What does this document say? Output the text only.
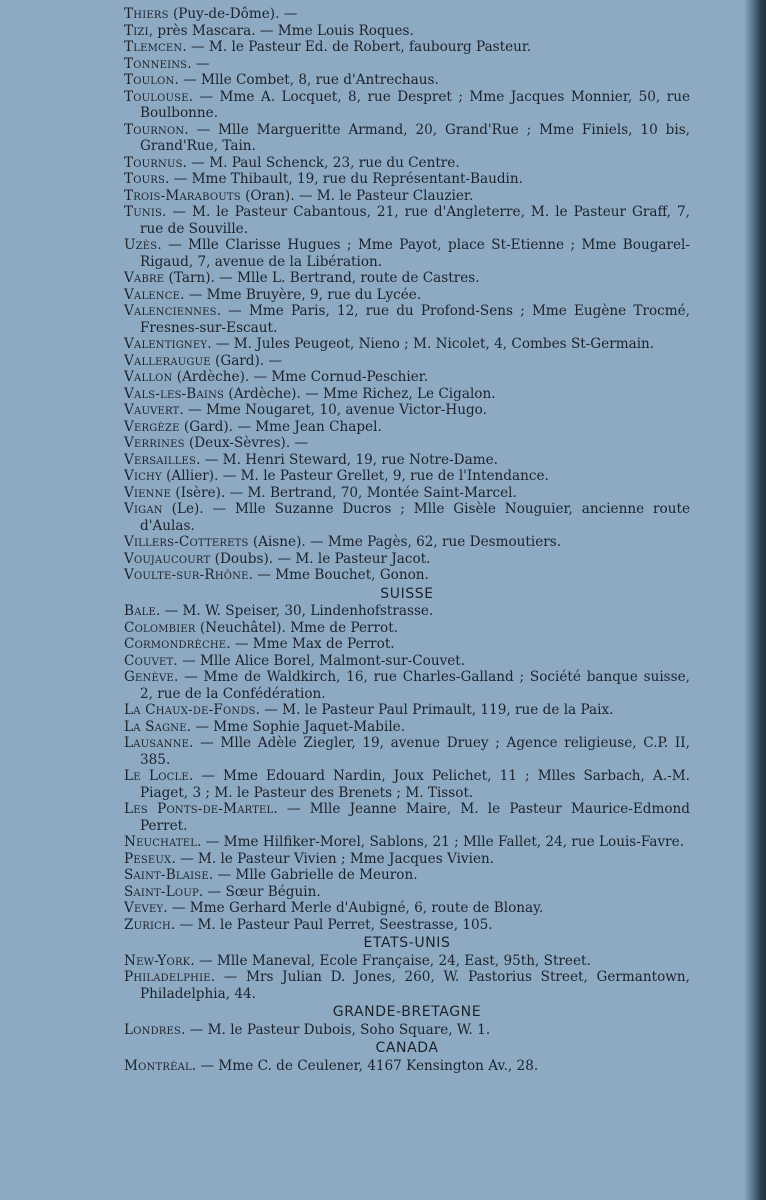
Thiers (Puy-de-Dôme). —

Tizi, près Mascara. — Mme Louis Roques.

Tlemcen. — M. le Pasteur Ed. de Robert, faubourg Pasteur.

Tonneins. —

Toulon. — Mlle Combet, 8, rue d'Antrechaus.

Toulouse. — Mme A. Locquet, 8, rue Despret ; Mme Jacques Monnier, 50, rue Boulbonne.

Tournon. — Mlle Margueritte Armand, 20, Grand'Rue ; Mme Finiels, 10 bis, Grand'Rue, Tain.

Tournus. — M. Paul Schenck, 23, rue du Centre.

Tours. — Mme Thibault, 19, rue du Représentant-Baudin.

Trois-Marabouts (Oran). — M. le Pasteur Clauzier.

Tunis. — M. le Pasteur Cabantous, 21, rue d'Angleterre, M. le Pasteur Graff, 7, rue de Souville.

Uzès. — Mlle Clarisse Hugues ; Mme Payot, place St-Etienne ; Mme Bougarel-Rigaud, 7, avenue de la Libération.

Vabre (Tarn). — Mlle L. Bertrand, route de Castres.

Valence. — Mme Bruyère, 9, rue du Lycée.

Valenciennes. — Mme Paris, 12, rue du Profond-Sens ; Mme Eugène Trocmé, Fresnes-sur-Escaut.

Valentigney. — M. Jules Peugeot, Nieno ; M. Nicolet, 4, Combes St-Germain.

Valleraugue (Gard). —

Vallon (Ardèche). — Mme Cornud-Peschier.

Vals-les-Bains (Ardèche). — Mme Richez, Le Cigalon.

Vauvert. — Mme Nougaret, 10, avenue Victor-Hugo.

Vergèze (Gard). — Mme Jean Chapel.

Verrines (Deux-Sèvres). —

Versailles. — M. Henri Steward, 19, rue Notre-Dame.

Vichy (Allier). — M. le Pasteur Grellet, 9, rue de l'Intendance.

Vienne (Isère). — M. Bertrand, 70, Montée Saint-Marcel.

Vigan (Le). — Mlle Suzanne Ducros ; Mlle Gisèle Nouguier, ancienne route d'Aulas.

Villers-Cotterets (Aisne). — Mme Pagès, 62, rue Desmoutiers.

Voujaucourt (Doubs). — M. le Pasteur Jacot.

Voulte-sur-Rhône. — Mme Bouchet, Gonon.

SUISSE

Bale. — M. W. Speiser, 30, Lindenhofstrasse.

Colombier (Neuchâtel). Mme de Perrot.

Cormondrèche. — Mme Max de Perrot.

Couvet. — Mlle Alice Borel, Malmont-sur-Couvet.

Genève. — Mme de Waldkirch, 16, rue Charles-Galland ; Société banque suisse, 2, rue de la Confédération.

La Chaux-de-Fonds. — M. le Pasteur Paul Primault, 119, rue de la Paix.

La Sagne. — Mme Sophie Jaquet-Mabile.

Lausanne. — Mlle Adèle Ziegler, 19, avenue Druey ; Agence religieuse, C.P. II, 385.

Le Locle. — Mme Edouard Nardin, Joux Pelichet, 11 ; Mlles Sarbach, A.-M. Piaget, 3 ; M. le Pasteur des Brenets ; M. Tissot.

Les Ponts-de-Martel. — Mlle Jeanne Maire, M. le Pasteur Maurice-Edmond Perret.

Neuchatel. — Mme Hilfiker-Morel, Sablons, 21 ; Mlle Fallet, 24, rue Louis-Favre.

Peseux. — M. le Pasteur Vivien ; Mme Jacques Vivien.

Saint-Blaise. — Mlle Gabrielle de Meuron.

Saint-Loup. — Sœur Béguin.

Vevey. — Mme Gerhard Merle d'Aubigné, 6, route de Blonay.

Zurich. — M. le Pasteur Paul Perret, Seestrasse, 105.

ETATS-UNIS

New-York. — Mlle Maneval, Ecole Française, 24, East, 95th, Street.

Philadelphie. — Mrs Julian D. Jones, 260, W. Pastorius Street, Germantown, Philadelphia, 44.

GRANDE-BRETAGNE

Londres. — M. le Pasteur Dubois, Soho Square, W. 1.

CANADA

Montréal. — Mme C. de Ceulener, 4167 Kensington Av., 28.
